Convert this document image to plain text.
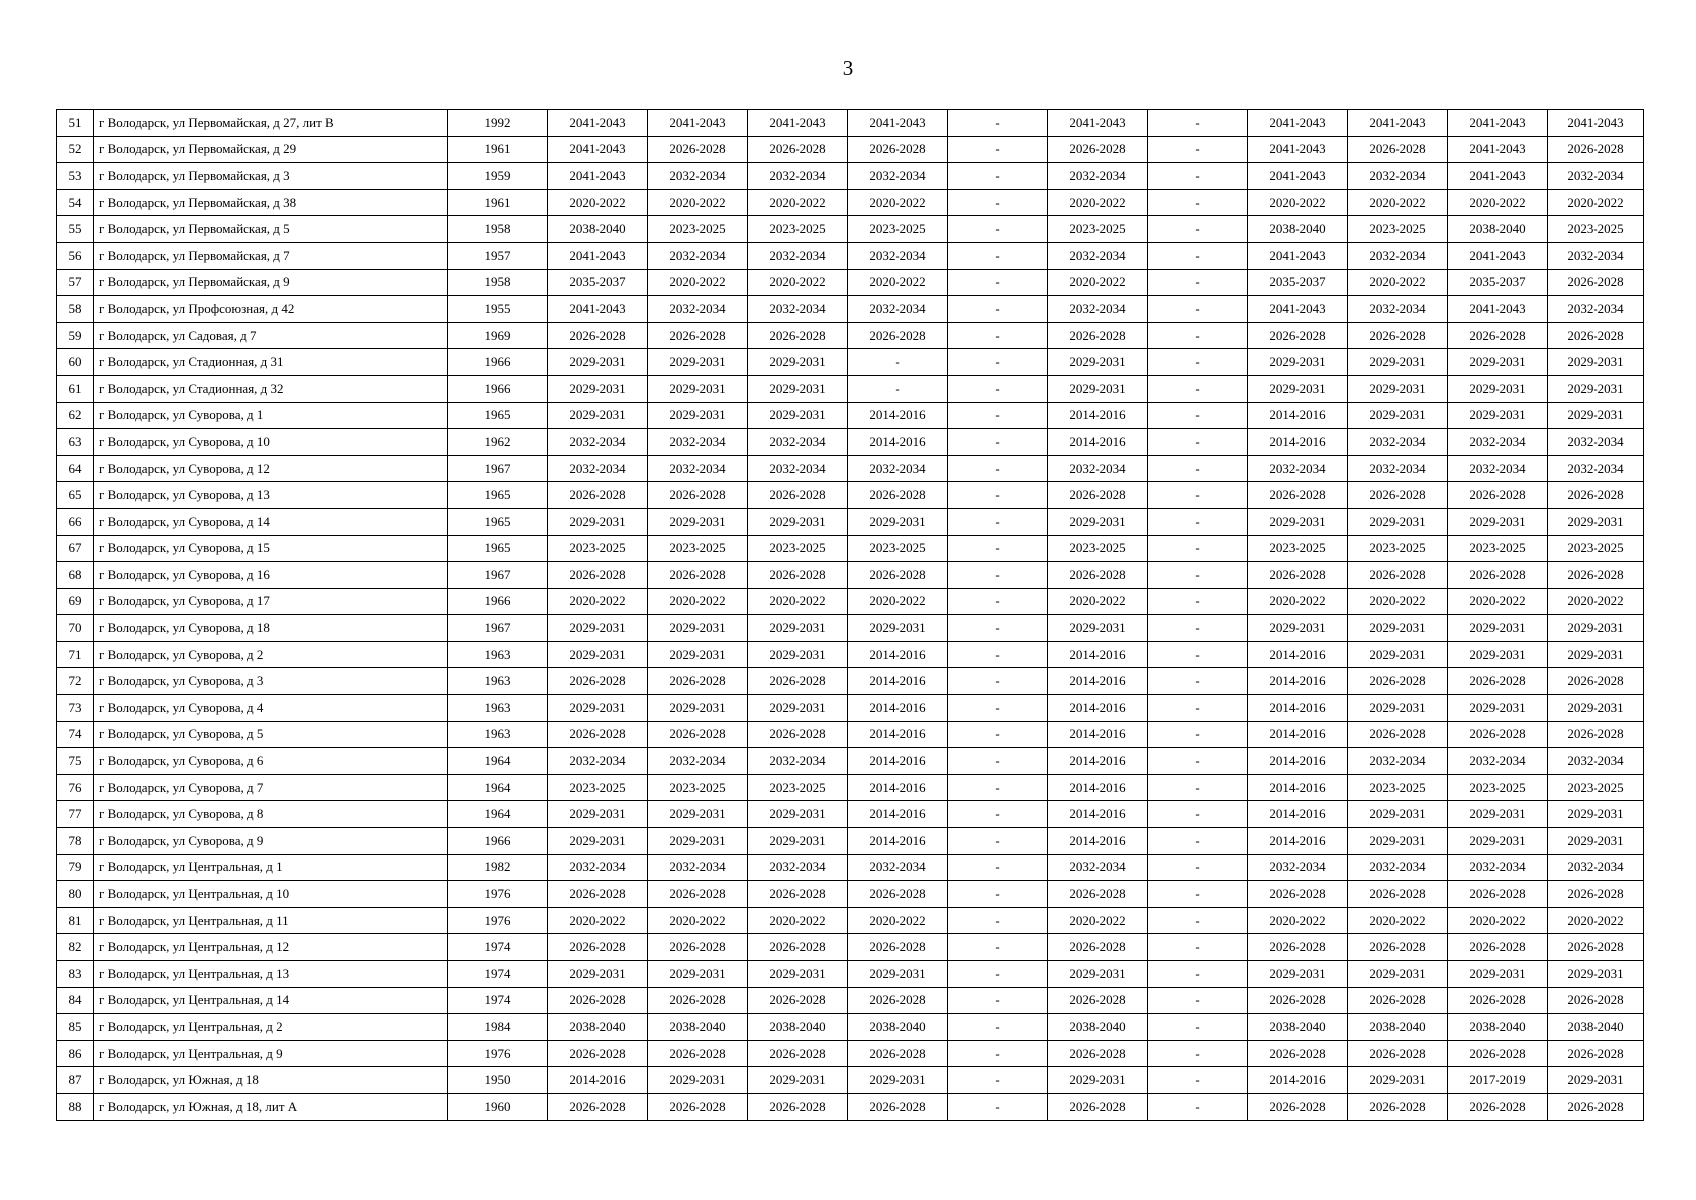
3
51	г Володарск, ул Первомайская, д 27, лит В	1992	2041-2043	2041-2043	2041-2043	2041-2043	-	2041-2043	-	2041-2043	2041-2043	2041-2043	2041-2043
52	г Володарск, ул Первомайская, д 29	1961	2041-2043	2026-2028	2026-2028	2026-2028	-	2026-2028	-	2041-2043	2026-2028	2041-2043	2026-2028
53	г Володарск, ул Первомайская, д 3	1959	2041-2043	2032-2034	2032-2034	2032-2034	-	2032-2034	-	2041-2043	2032-2034	2041-2043	2032-2034
54	г Володарск, ул Первомайская, д 38	1961	2020-2022	2020-2022	2020-2022	2020-2022	-	2020-2022	-	2020-2022	2020-2022	2020-2022	2020-2022
55	г Володарск, ул Первомайская, д 5	1958	2038-2040	2023-2025	2023-2025	2023-2025	-	2023-2025	-	2038-2040	2023-2025	2038-2040	2023-2025
56	г Володарск, ул Первомайская, д 7	1957	2041-2043	2032-2034	2032-2034	2032-2034	-	2032-2034	-	2041-2043	2032-2034	2041-2043	2032-2034
57	г Володарск, ул Первомайская, д 9	1958	2035-2037	2020-2022	2020-2022	2020-2022	-	2020-2022	-	2035-2037	2020-2022	2035-2037	2026-2028
58	г Володарск, ул Профсоюзная, д 42	1955	2041-2043	2032-2034	2032-2034	2032-2034	-	2032-2034	-	2041-2043	2032-2034	2041-2043	2032-2034
59	г Володарск, ул Садовая, д 7	1969	2026-2028	2026-2028	2026-2028	2026-2028	-	2026-2028	-	2026-2028	2026-2028	2026-2028	2026-2028
60	г Володарск, ул Стадионная, д 31	1966	2029-2031	2029-2031	2029-2031	-	-	2029-2031	-	2029-2031	2029-2031	2029-2031	2029-2031
61	г Володарск, ул Стадионная, д 32	1966	2029-2031	2029-2031	2029-2031	-	-	2029-2031	-	2029-2031	2029-2031	2029-2031	2029-2031
62	г Володарск, ул Суворова, д 1	1965	2029-2031	2029-2031	2029-2031	2014-2016	-	2014-2016	-	2014-2016	2029-2031	2029-2031	2029-2031
63	г Володарск, ул Суворова, д 10	1962	2032-2034	2032-2034	2032-2034	2014-2016	-	2014-2016	-	2014-2016	2032-2034	2032-2034	2032-2034
64	г Володарск, ул Суворова, д 12	1967	2032-2034	2032-2034	2032-2034	2032-2034	-	2032-2034	-	2032-2034	2032-2034	2032-2034	2032-2034
65	г Володарск, ул Суворова, д 13	1965	2026-2028	2026-2028	2026-2028	2026-2028	-	2026-2028	-	2026-2028	2026-2028	2026-2028	2026-2028
66	г Володарск, ул Суворова, д 14	1965	2029-2031	2029-2031	2029-2031	2029-2031	-	2029-2031	-	2029-2031	2029-2031	2029-2031	2029-2031
67	г Володарск, ул Суворова, д 15	1965	2023-2025	2023-2025	2023-2025	2023-2025	-	2023-2025	-	2023-2025	2023-2025	2023-2025	2023-2025
68	г Володарск, ул Суворова, д 16	1967	2026-2028	2026-2028	2026-2028	2026-2028	-	2026-2028	-	2026-2028	2026-2028	2026-2028	2026-2028
69	г Володарск, ул Суворова, д 17	1966	2020-2022	2020-2022	2020-2022	2020-2022	-	2020-2022	-	2020-2022	2020-2022	2020-2022	2020-2022
70	г Володарск, ул Суворова, д 18	1967	2029-2031	2029-2031	2029-2031	2029-2031	-	2029-2031	-	2029-2031	2029-2031	2029-2031	2029-2031
71	г Володарск, ул Суворова, д 2	1963	2029-2031	2029-2031	2029-2031	2014-2016	-	2014-2016	-	2014-2016	2029-2031	2029-2031	2029-2031
72	г Володарск, ул Суворова, д 3	1963	2026-2028	2026-2028	2026-2028	2014-2016	-	2014-2016	-	2014-2016	2026-2028	2026-2028	2026-2028
73	г Володарск, ул Суворова, д 4	1963	2029-2031	2029-2031	2029-2031	2014-2016	-	2014-2016	-	2014-2016	2029-2031	2029-2031	2029-2031
74	г Володарск, ул Суворова, д 5	1963	2026-2028	2026-2028	2026-2028	2014-2016	-	2014-2016	-	2014-2016	2026-2028	2026-2028	2026-2028
75	г Володарск, ул Суворова, д 6	1964	2032-2034	2032-2034	2032-2034	2014-2016	-	2014-2016	-	2014-2016	2032-2034	2032-2034	2032-2034
76	г Володарск, ул Суворова, д 7	1964	2023-2025	2023-2025	2023-2025	2014-2016	-	2014-2016	-	2014-2016	2023-2025	2023-2025	2023-2025
77	г Володарск, ул Суворова, д 8	1964	2029-2031	2029-2031	2029-2031	2014-2016	-	2014-2016	-	2014-2016	2029-2031	2029-2031	2029-2031
78	г Володарск, ул Суворова, д 9	1966	2029-2031	2029-2031	2029-2031	2014-2016	-	2014-2016	-	2014-2016	2029-2031	2029-2031	2029-2031
79	г Володарск, ул Центральная, д 1	1982	2032-2034	2032-2034	2032-2034	2032-2034	-	2032-2034	-	2032-2034	2032-2034	2032-2034	2032-2034
80	г Володарск, ул Центральная, д 10	1976	2026-2028	2026-2028	2026-2028	2026-2028	-	2026-2028	-	2026-2028	2026-2028	2026-2028	2026-2028
81	г Володарск, ул Центральная, д 11	1976	2020-2022	2020-2022	2020-2022	2020-2022	-	2020-2022	-	2020-2022	2020-2022	2020-2022	2020-2022
82	г Володарск, ул Центральная, д 12	1974	2026-2028	2026-2028	2026-2028	2026-2028	-	2026-2028	-	2026-2028	2026-2028	2026-2028	2026-2028
83	г Володарск, ул Центральная, д 13	1974	2029-2031	2029-2031	2029-2031	2029-2031	-	2029-2031	-	2029-2031	2029-2031	2029-2031	2029-2031
84	г Володарск, ул Центральная, д 14	1974	2026-2028	2026-2028	2026-2028	2026-2028	-	2026-2028	-	2026-2028	2026-2028	2026-2028	2026-2028
85	г Володарск, ул Центральная, д 2	1984	2038-2040	2038-2040	2038-2040	2038-2040	-	2038-2040	-	2038-2040	2038-2040	2038-2040	2038-2040
86	г Володарск, ул Центральная, д 9	1976	2026-2028	2026-2028	2026-2028	2026-2028	-	2026-2028	-	2026-2028	2026-2028	2026-2028	2026-2028
87	г Володарск, ул Южная, д 18	1950	2014-2016	2029-2031	2029-2031	2029-2031	-	2029-2031	-	2014-2016	2029-2031	2017-2019	2029-2031
88	г Володарск, ул Южная, д 18, лит А	1960	2026-2028	2026-2028	2026-2028	2026-2028	-	2026-2028	-	2026-2028	2026-2028	2026-2028	2026-2028
